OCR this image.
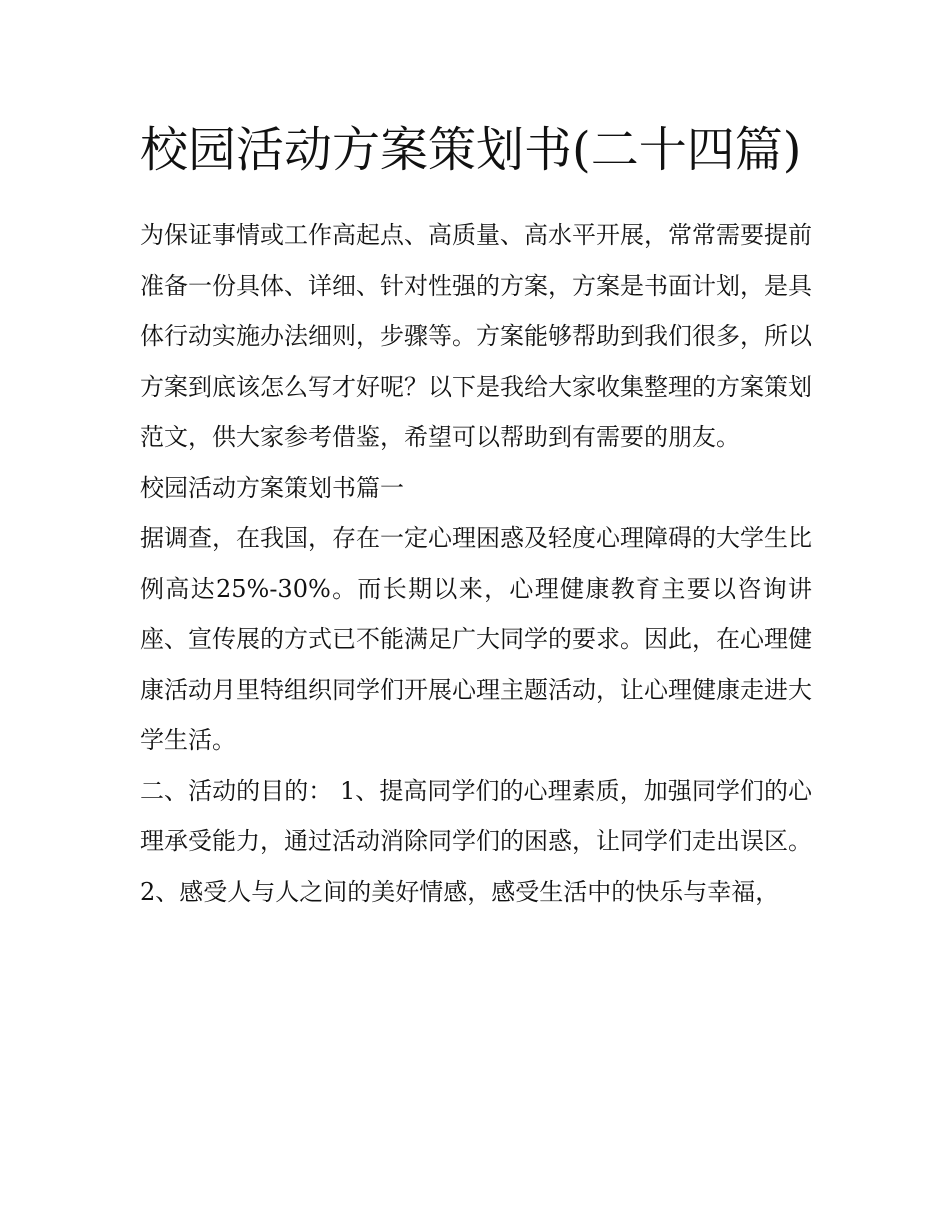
校园活动方案策划书(二十四篇)

为保证事情或工作高起点、高质量、高水平开展，常常需要提前准备一份具体、详细、针对性强的方案，方案是书面计划，是具体行动实施办法细则，步骤等。方案能够帮助到我们很多，所以方案到底该怎么写才好呢？以下是我给大家收集整理的方案策划范文，供大家参考借鉴，希望可以帮助到有需要的朋友。

校园活动方案策划书篇一

据调查，在我国，存在一定心理困惑及轻度心理障碍的大学生比例高达25%-30%。而长期以来，心理健康教育主要以咨询讲座、宣传展的方式已不能满足广大同学的要求。因此，在心理健康活动月里特组织同学们开展心理主题活动，让心理健康走进大学生活。

二、活动的目的： 1、提高同学们的心理素质，加强同学们的心理承受能力，通过活动消除同学们的困惑，让同学们走出误区。

2、感受人与人之间的美好情感，感受生活中的快乐与幸福，
